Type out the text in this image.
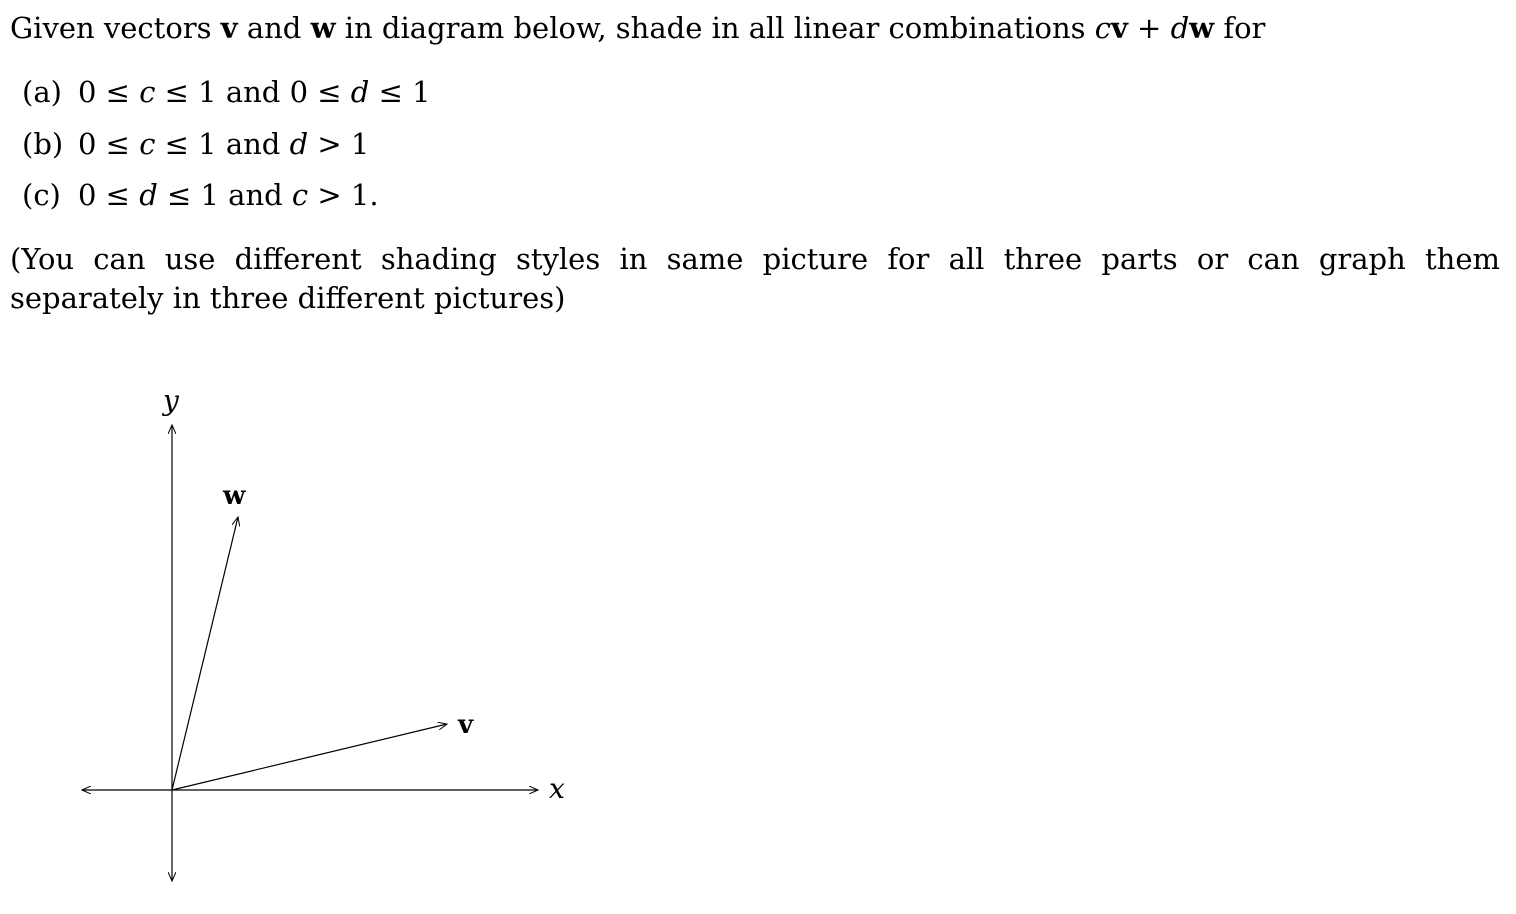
Given vectors v and w in diagram below, shade in all linear combinations cv + dw for
(a) 0 ≤ c ≤ 1 and 0 ≤ d ≤ 1
(b) 0 ≤ c ≤ 1 and d > 1
(c) 0 ≤ d ≤ 1 and c > 1.
(You can use different shading styles in same picture for all three parts or can graph them separately in three different pictures)
y
x
v
w
